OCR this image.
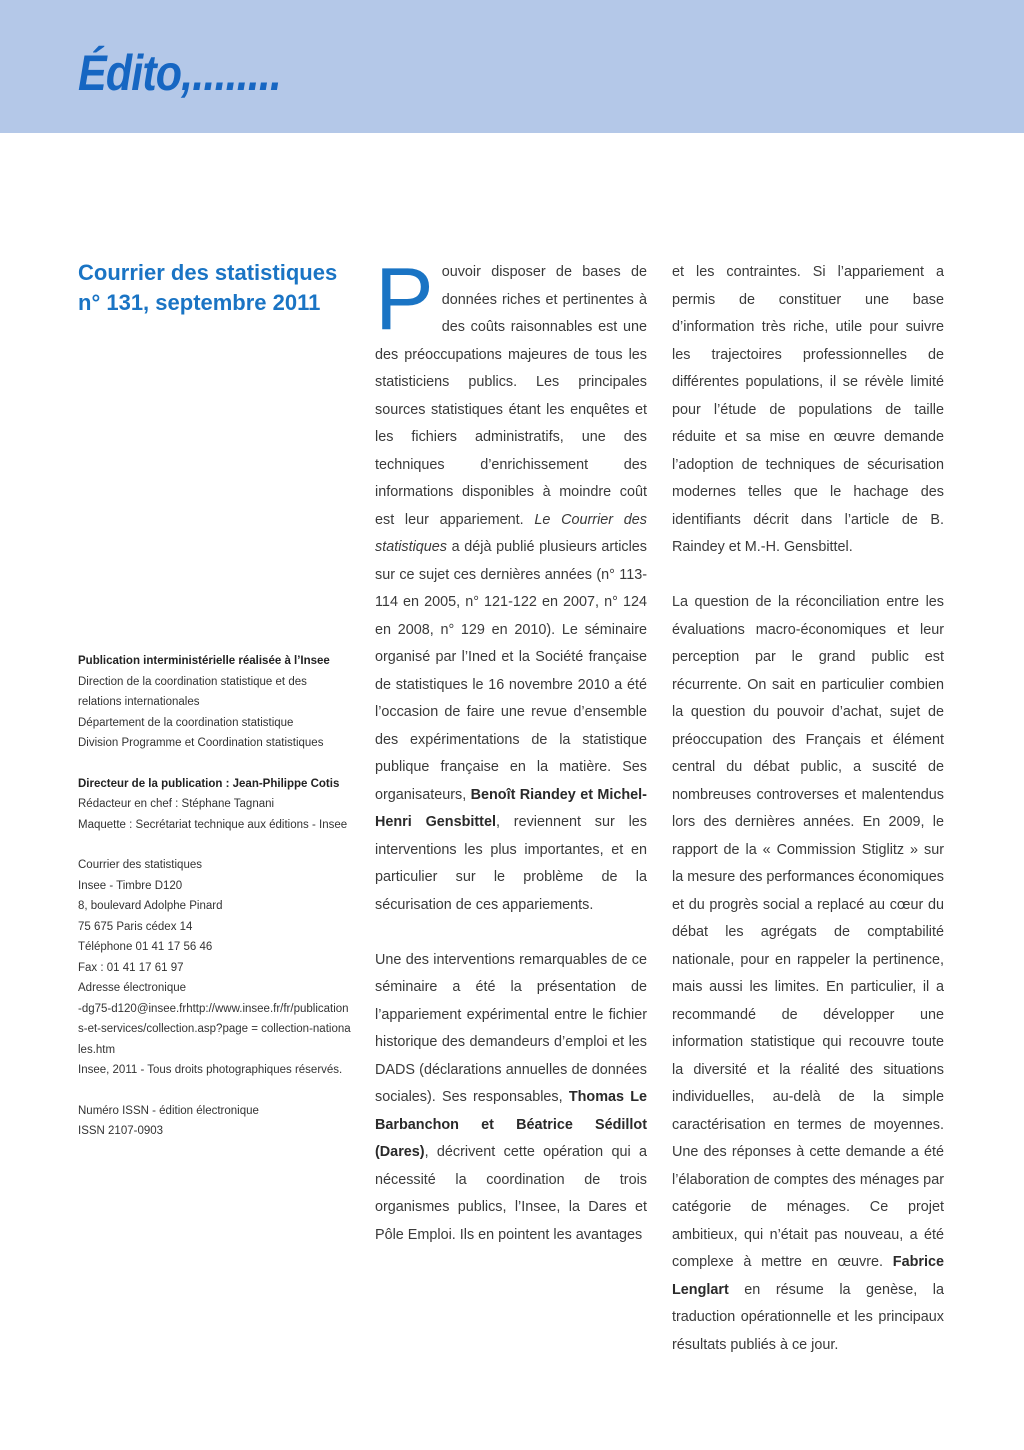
Édito,........
Courrier des statistiques
n° 131, septembre 2011

Publication interministérielle réalisée à l’Insee

Direction de la coordination statistique et des relations internationales

Département de la coordination statistique

Division Programme et Coordination statistiques

Directeur de la publication : Jean-Philippe Cotis

Rédacteur en chef : Stéphane Tagnani

Maquette : Secrétariat technique aux éditions - Insee

Courrier des statistiques

Insee - Timbre D120

8, boulevard Adolphe Pinard

75 675 Paris cédex 14

Téléphone 01 41 17 56 46

Fax : 01 41 17 61 97

Adresse électronique

-dg75-d120@insee.frhttp://www.insee.fr/fr/publications-et-services/collection.asp?page = collection-nationales.htm

Insee, 2011 - Tous droits photographiques réservés.

Numéro ISSN - édition électronique

ISSN 2107-0903

Pouvoir disposer de bases de données riches et pertinentes à des coûts raisonnables est une des préoccupations majeures de tous les statisticiens publics. Les principales sources statistiques étant les enquêtes et les fichiers administratifs, une des techniques d’enrichissement des informations disponibles à moindre coût est leur appariement. Le Courrier des statistiques a déjà publié plusieurs articles sur ce sujet ces dernières années (n° 113-114 en 2005, n° 121-122 en 2007, n° 124 en 2008, n° 129 en 2010). Le séminaire organisé par l’Ined et la Société française de statistiques le 16 novembre 2010 a été l’occasion de faire une revue d’ensemble des expérimentations de la statistique publique française en la matière. Ses organisateurs, Benoît Riandey et Michel-Henri Gensbittel, reviennent sur les interventions les plus importantes, et en particulier sur le problème de la sécurisation de ces appariements.

Une des interventions remarquables de ce séminaire a été la présentation de l’appariement expérimental entre le fichier historique des demandeurs d’emploi et les DADS (déclarations annuelles de données sociales). Ses responsables, Thomas Le Barbanchon et Béatrice Sédillot (Dares), décrivent cette opération qui a nécessité la coordination de trois organismes publics, l’Insee, la Dares et Pôle Emploi. Ils en pointent les avantages

et les contraintes. Si l’appariement a permis de constituer une base d’information très riche, utile pour suivre les trajectoires professionnelles de différentes populations, il se révèle limité pour l’étude de populations de taille réduite et sa mise en œuvre demande l’adoption de techniques de sécurisation modernes telles que le hachage des identifiants décrit dans l’article de B. Raindey et M.-H. Gensbittel.

La question de la réconciliation entre les évaluations macro-économiques et leur perception par le grand public est récurrente. On sait en particulier combien la question du pouvoir d’achat, sujet de préoccupation des Français et élément central du débat public, a suscité de nombreuses controverses et malentendus lors des dernières années. En 2009, le rapport de la « Commission Stiglitz » sur la mesure des performances économiques et du progrès social a replacé au cœur du débat les agrégats de comptabilité nationale, pour en rappeler la pertinence, mais aussi les limites. En particulier, il a recommandé de développer une information statistique qui recouvre toute la diversité et la réalité des situations individuelles, au-delà de la simple caractérisation en termes de moyennes. Une des réponses à cette demande a été l’élaboration de comptes des ménages par catégorie de ménages. Ce projet ambitieux, qui n’était pas nouveau, a été complexe à mettre en œuvre. Fabrice Lenglart en résume la genèse, la traduction opérationnelle et les principaux résultats publiés à ce jour.
